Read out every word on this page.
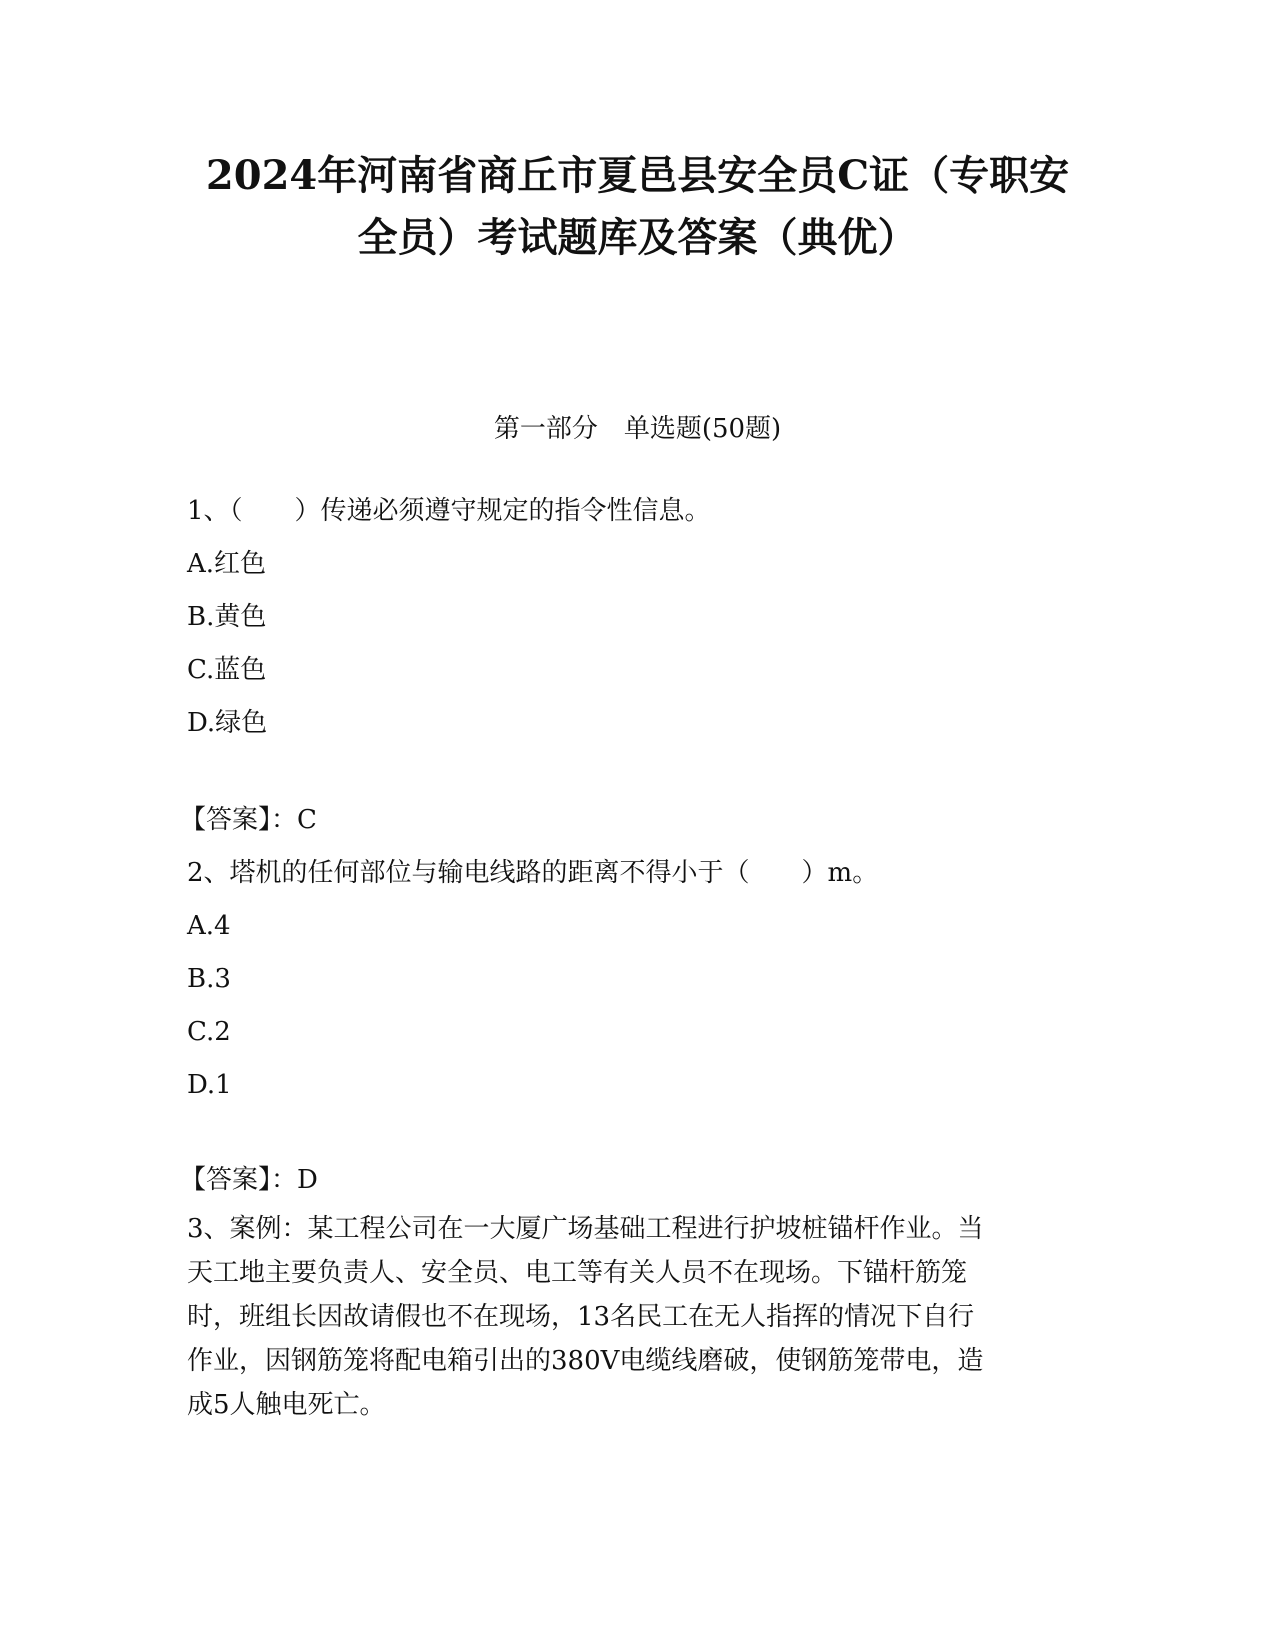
2024年河南省商丘市夏邑县安全员C证（专职安
全员）考试题库及答案（典优）
第一部分　单选题(50题)
1、（　　）传递必须遵守规定的指令性信息。
A.红色
B.黄色
C.蓝色
D.绿色
【答案】：C
2、塔机的任何部位与输电线路的距离不得小于（　　）m。
A.4
B.3
C.2
D.1
【答案】：D
3、案例：某工程公司在一大厦广场基础工程进行护坡桩锚杆作业。当
天工地主要负责人、安全员、电工等有关人员不在现场。下锚杆筋笼
时，班组长因故请假也不在现场，13名民工在无人指挥的情况下自行
作业，因钢筋笼将配电箱引出的380V电缆线磨破，使钢筋笼带电，造
成5人触电死亡。
